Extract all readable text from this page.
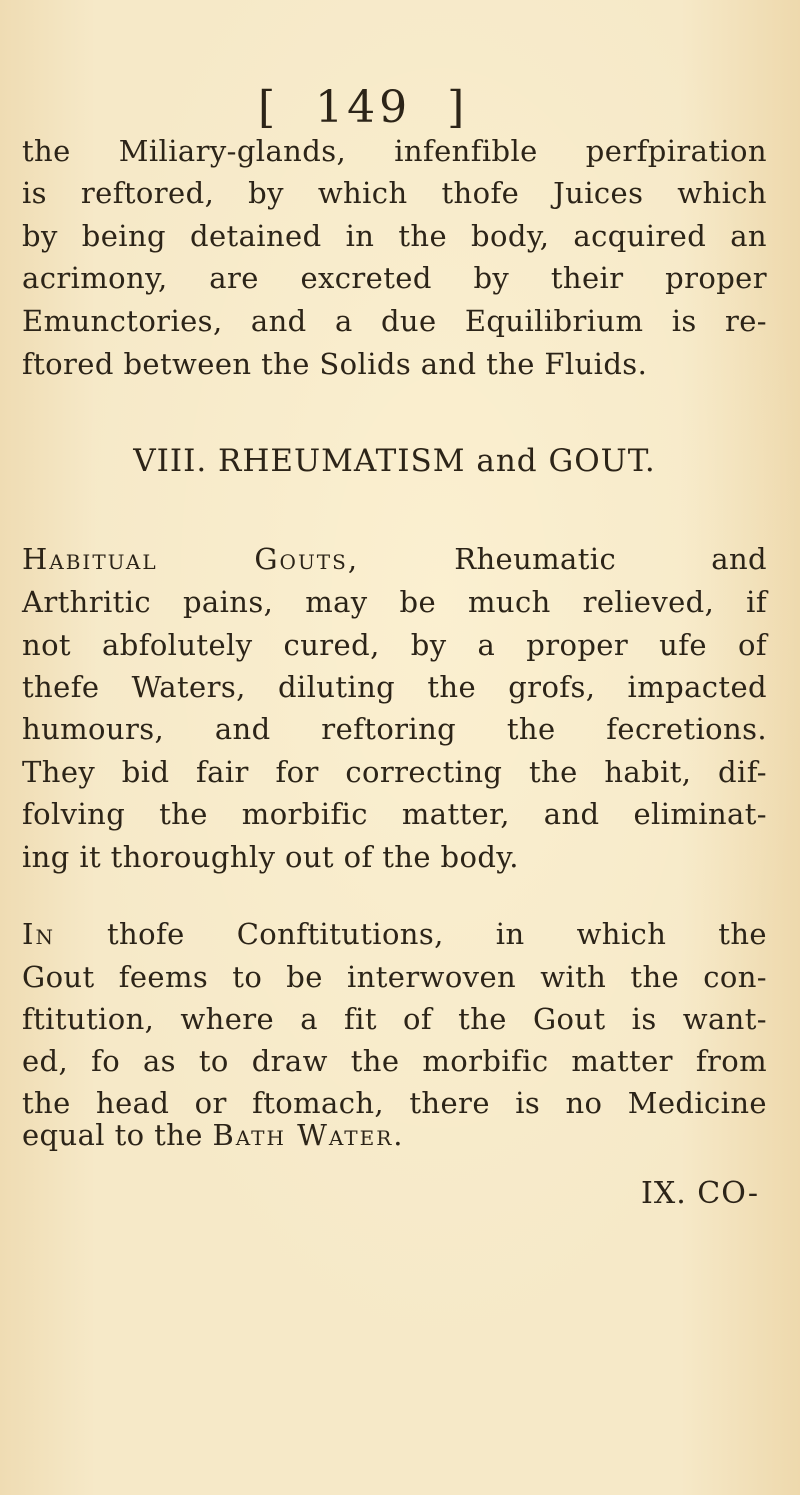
[ 149 ]
the Miliary-glands, infenfible perfpiration
is reftored, by which thofe Juices which
by being detained in the body, acquired an
acrimony, are excreted by their proper
Emunctories, and a due Equilibrium is re-
ftored between the Solids and the Fluids.
VIII. RHEUMATISM and GOUT.
Habitual Gouts, Rheumatic and
Arthritic pains, may be much relieved, if
not abfolutely cured, by a proper ufe of
thefe Waters, diluting the grofs, impacted
humours, and reftoring the fecretions.
They bid fair for correcting the habit, dif-
folving the morbific matter, and eliminat-
ing it thoroughly out of the body.
In thofe Conftitutions, in which the
Gout feems to be interwoven with the con-
ftitution, where a fit of the Gout is want-
ed, fo as to draw the morbific matter from
the head or ftomach, there is no Medicine
equal to the Bath Water.
IX. CO-
